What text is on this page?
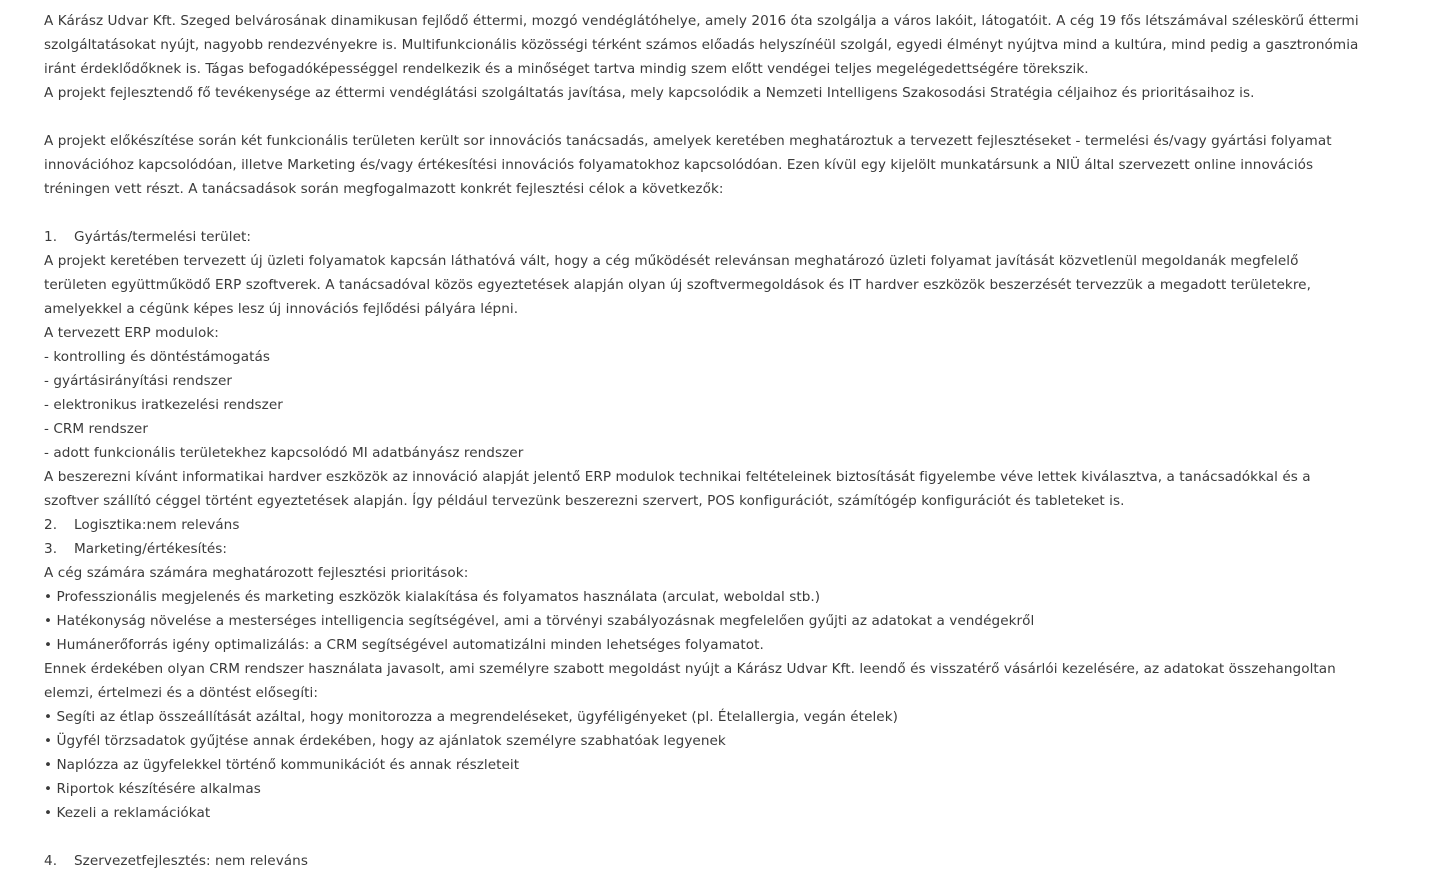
A Kárász Udvar Kft. Szeged belvárosának dinamikusan fejlődő éttermi, mozgó vendéglátóhelye, amely 2016 óta szolgálja a város lakóit, látogatóit. A cég 19 fős létszámával széleskörű éttermi szolgáltatásokat nyújt, nagyobb rendezvényekre is. Multifunkcionális közösségi térként számos előadás helyszínéül szolgál, egyedi élményt nyújtva mind a kultúra, mind pedig a gasztronómia iránt érdeklődőknek is. Tágas befogadóképességgel rendelkezik és a minőséget tartva mindig szem előtt vendégei teljes megelégedettségére törekszik.

A projekt fejlesztendő fő tevékenysége az éttermi vendéglátási szolgáltatás javítása, mely kapcsolódik a Nemzeti Intelligens Szakosodási Stratégia céljaihoz és prioritásaihoz is.

A projekt előkészítése során két funkcionális területen került sor innovációs tanácsadás, amelyek keretében meghatároztuk a tervezett fejlesztéseket - termelési és/vagy gyártási folyamat innovációhoz kapcsolódóan, illetve Marketing és/vagy értékesítési innovációs folyamatokhoz kapcsolódóan. Ezen kívül egy kijelölt munkatársunk a NIÜ által szervezett online innovációs tréningen vett részt. A tanácsadások során megfogalmazott konkrét fejlesztési célok a következők:

1. Gyártás/termelési terület:

A projekt keretében tervezett új üzleti folyamatok kapcsán láthatóvá vált, hogy a cég működését relevánsan meghatározó üzleti folyamat javítását közvetlenül megoldanák megfelelő területen együttműködő ERP szoftverek. A tanácsadóval közös egyeztetések alapján olyan új szoftvermegoldások és IT hardver eszközök beszerzését tervezzük a megadott területekre, amelyekkel a cégünk képes lesz új innovációs fejlődési pályára lépni.

A tervezett ERP modulok:

- kontrolling és döntéstámogatás

- gyártásirányítási rendszer

- elektronikus iratkezelési rendszer

- CRM rendszer

- adott funkcionális területekhez kapcsolódó MI adatbányász rendszer

A beszerezni kívánt informatikai hardver eszközök az innováció alapját jelentő ERP modulok technikai feltételeinek biztosítását figyelembe véve lettek kiválasztva, a tanácsadókkal és a szoftver szállító céggel történt egyeztetések alapján. Így például tervezünk beszerezni szervert, POS konfigurációt, számítógép konfigurációt és tableteket is.

2. Logisztika:nem releváns

3. Marketing/értékesítés:

A cég számára számára meghatározott fejlesztési prioritások:

• Professzionális megjelenés és marketing eszközök kialakítása és folyamatos használata (arculat, weboldal stb.)

• Hatékonyság növelése a mesterséges intelligencia segítségével, ami a törvényi szabályozásnak megfelelően gyűjti az adatokat a vendégekről

• Humánerőforrás igény optimalizálás: a CRM segítségével automatizálni minden lehetséges folyamatot.

Ennek érdekében olyan CRM rendszer használata javasolt, ami személyre szabott megoldást nyújt a Kárász Udvar Kft. leendő és visszatérő vásárlói kezelésére, az adatokat összehangoltan elemzi, értelmezi és a döntést elősegíti:

• Segíti az étlap összeállítását azáltal, hogy monitorozza a megrendeléseket, ügyféligényeket (pl. Ételallergia, vegán ételek)

• Ügyfél törzsadatok gyűjtése annak érdekében, hogy az ajánlatok személyre szabhatóak legyenek

• Naplózza az ügyfelekkel történő kommunikációt és annak részleteit

• Riportok készítésére alkalmas

• Kezeli a reklamációkat

4. Szervezetfejlesztés: nem releváns
